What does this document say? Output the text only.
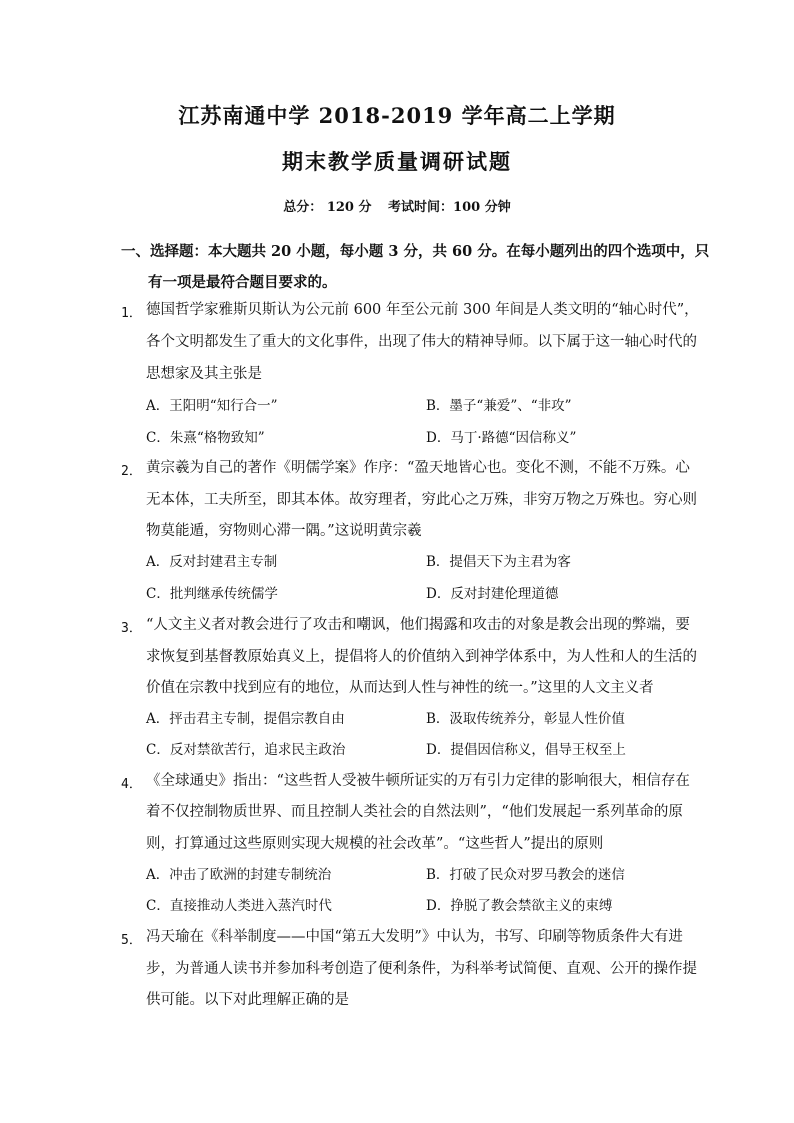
江苏南通中学 2018-2019 学年高二上学期
期末教学质量调研试题
总分： 120 分 考试时间：100 分钟
一、选择题：本大题共 20 小题，每小题 3 分，共 60 分。在每小题列出的四个选项中，只
有一项是最符合题目要求的。
1． 德国哲学家雅斯贝斯认为公元前 600 年至公元前 300 年间是人类文明的“轴心时代”，
各个文明都发生了重大的文化事件，出现了伟大的精神导师。以下属于这一轴心时代的
思想家及其主张是
A．王阳明“知行合一”	B．墨子“兼爱”、“非攻”
C．朱熹“格物致知”	D．马丁·路德“因信称义”
2． 黄宗羲为自己的著作《明儒学案》作序：“盈天地皆心也。变化不测，不能不万殊。心
无本体，工夫所至，即其本体。故穷理者，穷此心之万殊，非穷万物之万殊也。穷心则
物莫能遁，穷物则心滞一隅。”这说明黄宗羲
A．反对封建君主专制	B．提倡天下为主君为客
C．批判继承传统儒学	D．反对封建伦理道德
3． “人文主义者对教会进行了攻击和嘲讽，他们揭露和攻击的对象是教会出现的弊端，要
求恢复到基督教原始真义上，提倡将人的价值纳入到神学体系中，为人性和人的生活的
价值在宗教中找到应有的地位，从而达到人性与神性的统一。”这里的人文主义者
A．抨击君主专制，提倡宗教自由	B．汲取传统养分，彰显人性价值
C．反对禁欲苦行，追求民主政治	D．提倡因信称义，倡导王权至上
4． 《全球通史》指出：“这些哲人受被牛顿所证实的万有引力定律的影响很大，相信存在
着不仅控制物质世界、而且控制人类社会的自然法则”，“他们发展起一系列革命的原
则，打算通过这些原则实现大规模的社会改革”。“这些哲人”提出的原则
A．冲击了欧洲的封建专制统治	B．打破了民众对罗马教会的迷信
C．直接推动人类进入蒸汽时代	D．挣脱了教会禁欲主义的束缚
5． 冯天瑜在《科举制度——中国“第五大发明”》中认为，书写、印刷等物质条件大有进
步，为普通人读书并参加科考创造了便利条件，为科举考试简便、直观、公开的操作提
供可能。以下对此理解正确的是
